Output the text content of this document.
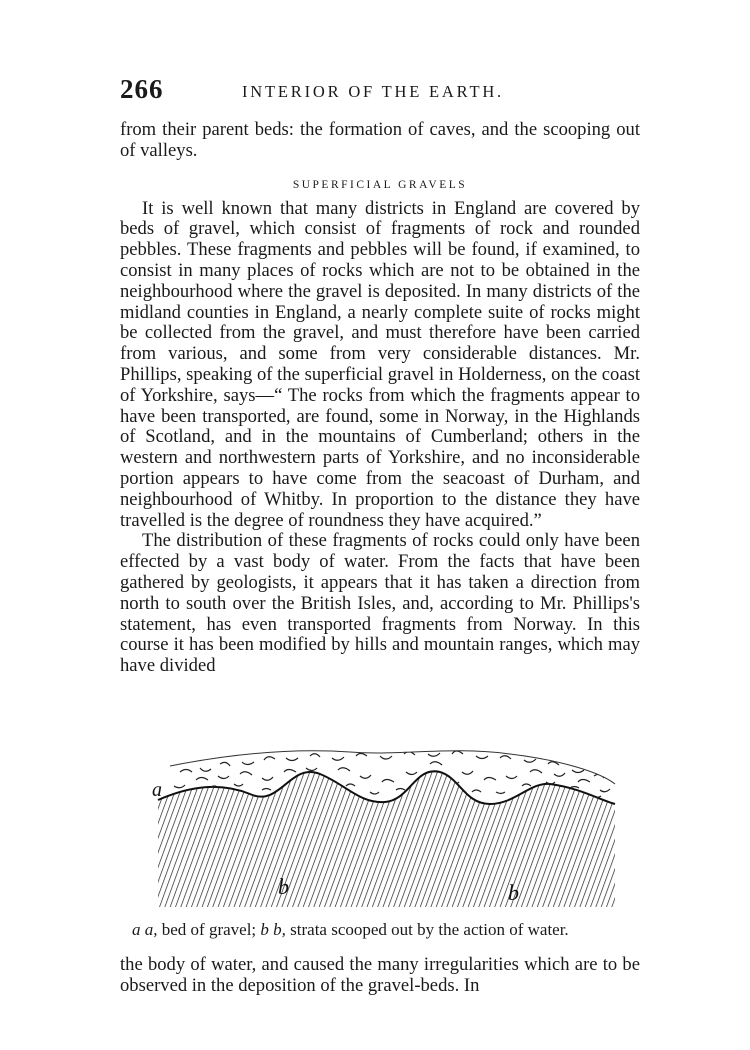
266	INTERIOR OF THE EARTH.

from their parent beds: the formation of caves, and the scooping out of valleys.

SUPERFICIAL GRAVELS

It is well known that many districts in England are covered by beds of gravel, which consist of fragments of rock and rounded pebbles. These fragments and pebbles will be found, if examined, to consist in many places of rocks which are not to be obtained in the neighbourhood where the gravel is deposited. In many districts of the midland counties in England, a nearly complete suite of rocks might be collected from the gravel, and must therefore have been carried from various, and some from very considerable distances. Mr. Phillips, speaking of the superficial gravel in Holderness, on the coast of Yorkshire, says—“ The rocks from which the fragments appear to have been transported, are found, some in Norway, in the Highlands of Scotland, and in the mountains of Cumberland; others in the western and northwestern parts of Yorkshire, and no inconsiderable portion appears to have come from the seacoast of Durham, and neighbourhood of Whitby. In proportion to the distance they have travelled is the degree of roundness they have acquired.”

The distribution of these fragments of rocks could only have been effected by a vast body of water. From the facts that have been gathered by geologists, it appears that it has taken a direction from north to south over the British Isles, and, according to Mr. Phillips's statement, has even transported fragments from Norway. In this course it has been modified by hills and mountain ranges, which may have divided

a
b	b
a a, bed of gravel; b b, strata scooped out by the action of water.

the body of water, and caused the many irregularities which are to be observed in the deposition of the gravel-beds. In
